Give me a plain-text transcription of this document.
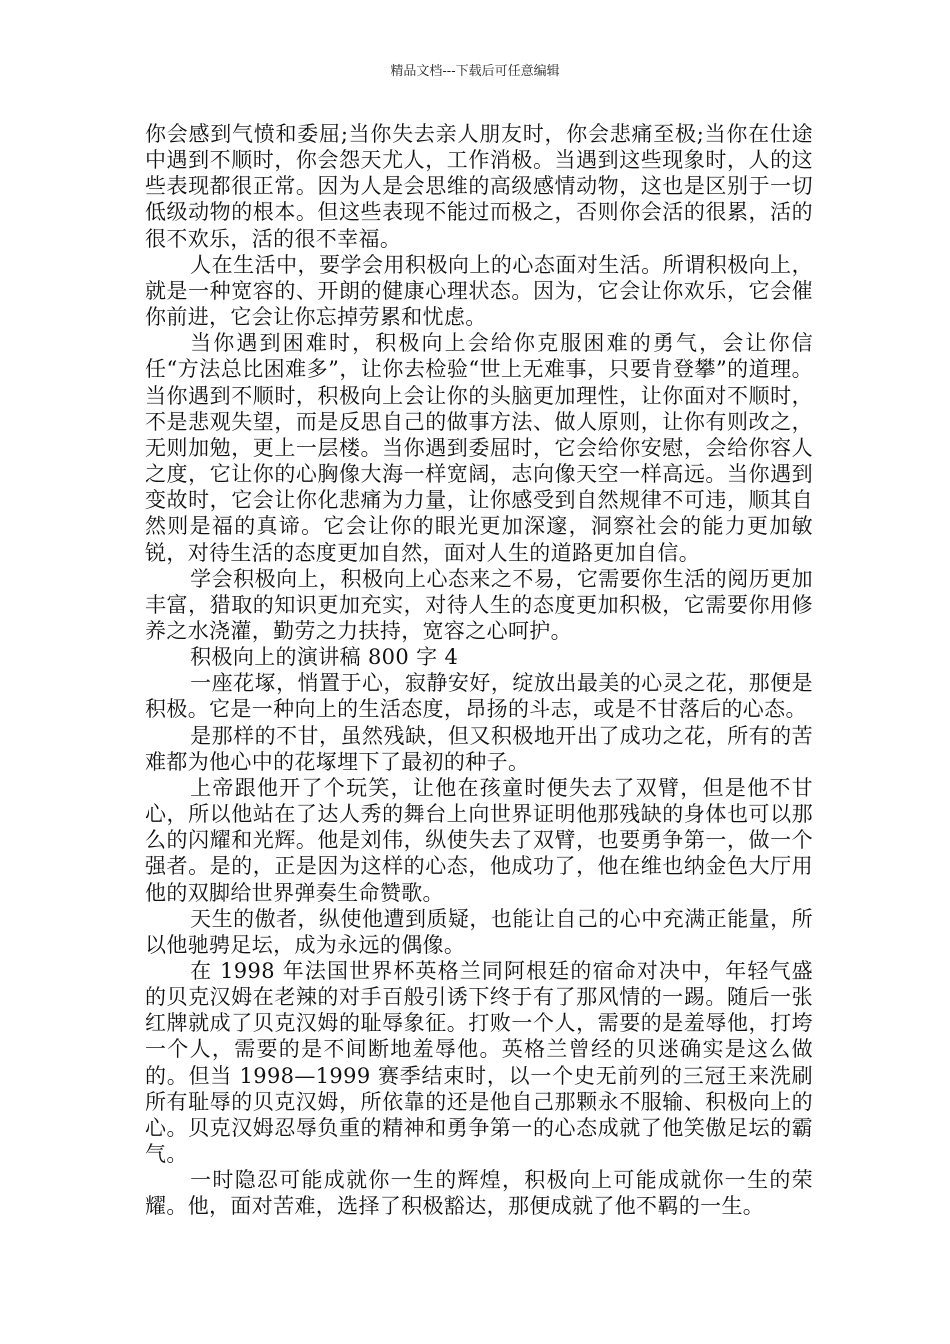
精品文档---下载后可任意编辑

你会感到气愤和委屈;当你失去亲人朋友时，你会悲痛至极;当你在仕途中遇到不顺时，你会怨天尤人，工作消极。当遇到这些现象时，人的这些表现都很正常。因为人是会思维的高级感情动物，这也是区别于一切低级动物的根本。但这些表现不能过而极之，否则你会活的很累，活的很不欢乐，活的很不幸福。

人在生活中，要学会用积极向上的心态面对生活。所谓积极向上，就是一种宽容的、开朗的健康心理状态。因为，它会让你欢乐，它会催你前进，它会让你忘掉劳累和忧虑。

当你遇到困难时，积极向上会给你克服困难的勇气，会让你信任“方法总比困难多”，让你去检验“世上无难事，只要肯登攀”的道理。当你遇到不顺时，积极向上会让你的头脑更加理性，让你面对不顺时，不是悲观失望，而是反思自己的做事方法、做人原则，让你有则改之，无则加勉，更上一层楼。当你遇到委屈时，它会给你安慰，会给你容人之度，它让你的心胸像大海一样宽阔，志向像天空一样高远。当你遇到变故时，它会让你化悲痛为力量，让你感受到自然规律不可违，顺其自然则是福的真谛。它会让你的眼光更加深邃，洞察社会的能力更加敏锐，对待生活的态度更加自然，面对人生的道路更加自信。

学会积极向上，积极向上心态来之不易，它需要你生活的阅历更加丰富，猎取的知识更加充实，对待人生的态度更加积极，它需要你用修养之水浇灌，勤劳之力扶持，宽容之心呵护。

积极向上的演讲稿 800 字 4

一座花塚，悄置于心，寂静安好，绽放出最美的心灵之花，那便是积极。它是一种向上的生活态度，昂扬的斗志，或是不甘落后的心态。

是那样的不甘，虽然残缺，但又积极地开出了成功之花，所有的苦难都为他心中的花塚埋下了最初的种子。

上帝跟他开了个玩笑，让他在孩童时便失去了双臂，但是他不甘心，所以他站在了达人秀的舞台上向世界证明他那残缺的身体也可以那么的闪耀和光辉。他是刘伟，纵使失去了双臂，也要勇争第一，做一个强者。是的，正是因为这样的心态，他成功了，他在维也纳金色大厅用他的双脚给世界弹奏生命赞歌。

天生的傲者，纵使他遭到质疑，也能让自己的心中充满正能量，所以他驰骋足坛，成为永远的偶像。

在 1998 年法国世界杯英格兰同阿根廷的宿命对决中，年轻气盛的贝克汉姆在老辣的对手百般引诱下终于有了那风情的一踢。随后一张红牌就成了贝克汉姆的耻辱象征。打败一个人，需要的是羞辱他，打垮一个人，需要的是不间断地羞辱他。英格兰曾经的贝迷确实是这么做的。但当 1998—1999 赛季结束时，以一个史无前列的三冠王来洗刷所有耻辱的贝克汉姆，所依靠的还是他自己那颗永不服输、积极向上的心。贝克汉姆忍辱负重的精神和勇争第一的心态成就了他笑傲足坛的霸气。

一时隐忍可能成就你一生的辉煌，积极向上可能成就你一生的荣耀。他，面对苦难，选择了积极豁达，那便成就了他不羁的一生。
